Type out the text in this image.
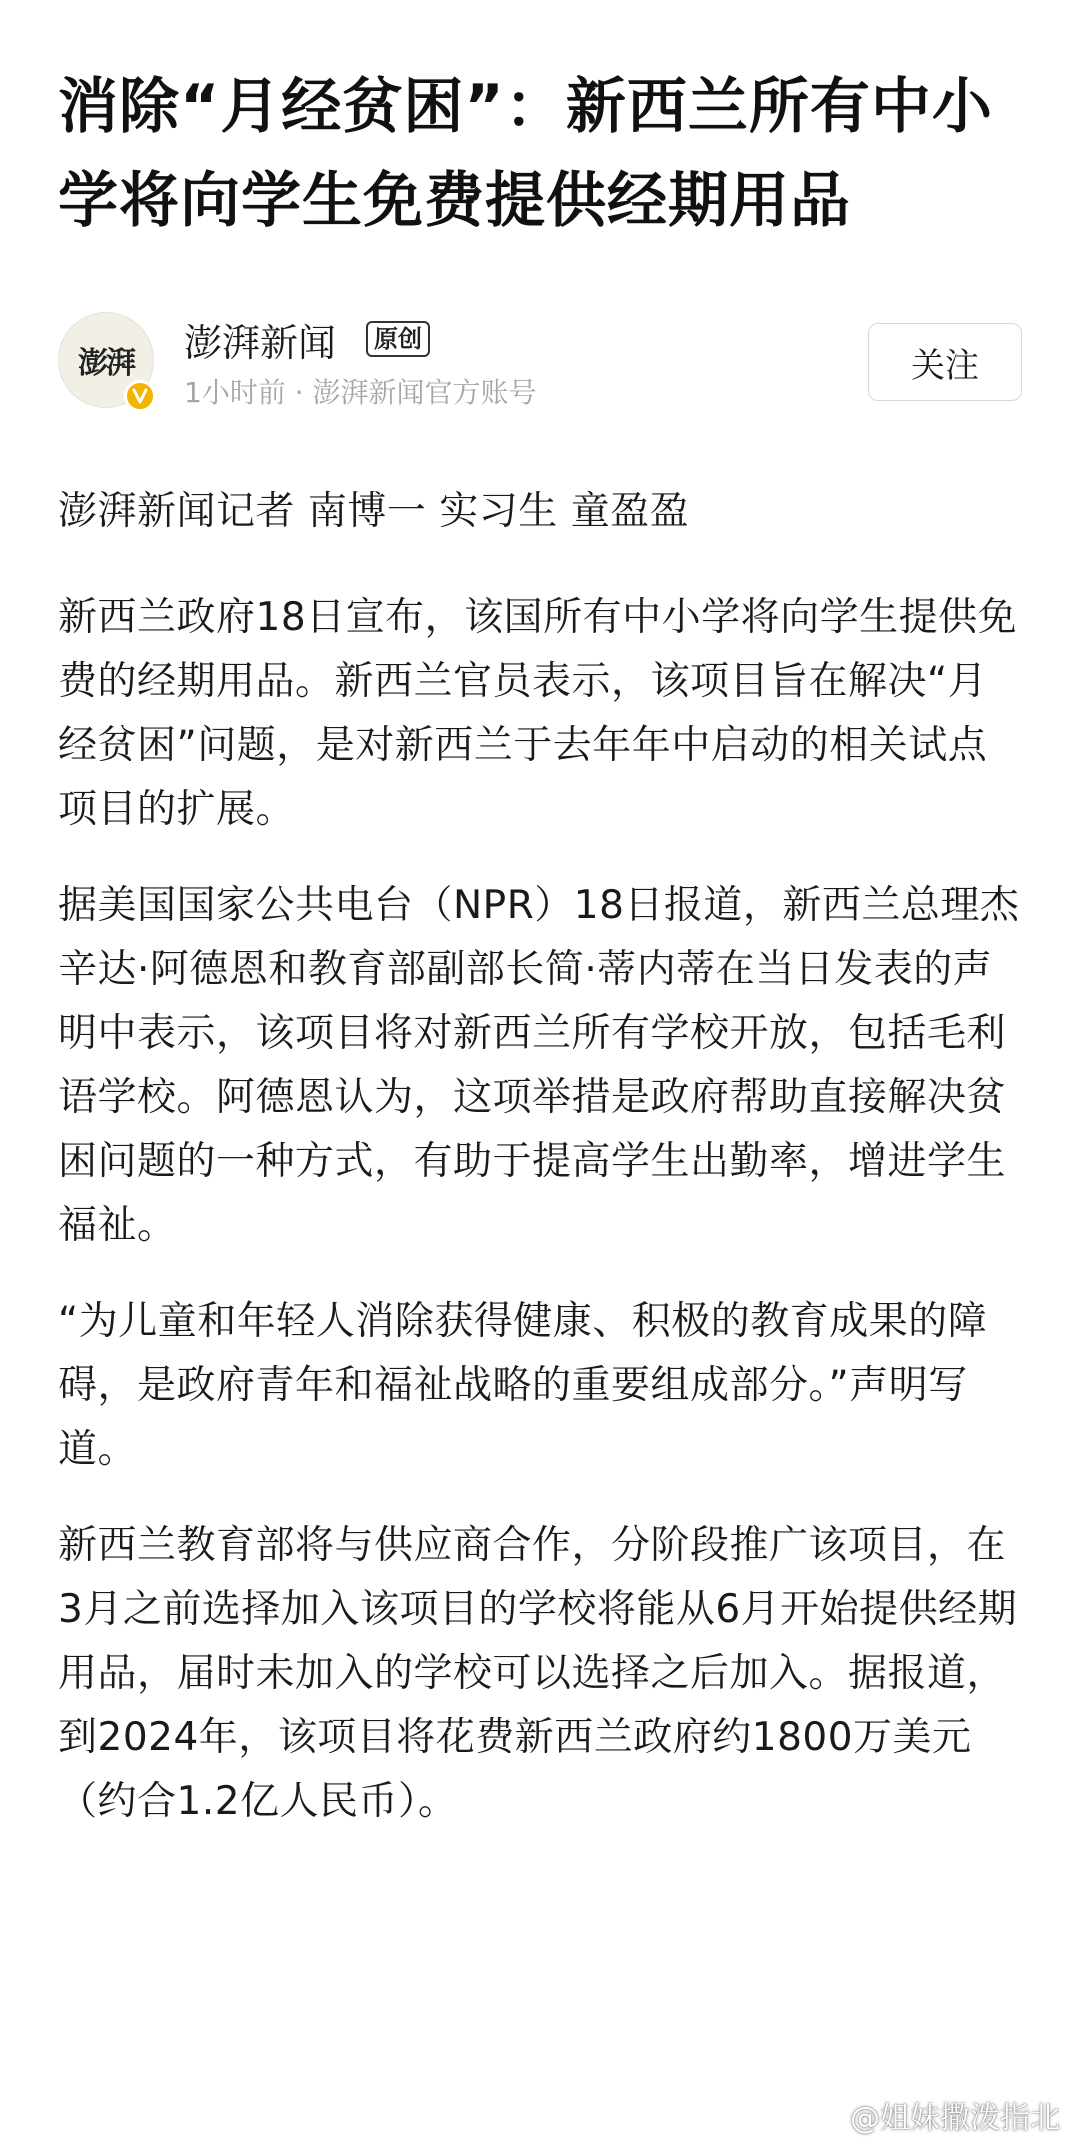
消除“月经贫困”：新西兰所有中小学将向学生免费提供经期用品
澎湃 澎湃新闻	原创
1小时前 · 澎湃新闻官方账号
关注

澎湃新闻记者 南博一 实习生 童盈盈

新西兰政府18日宣布，该国所有中小学将向学生提供免费的经期用品。新西兰官员表示，该项目旨在解决“月经贫困”问题，是对新西兰于去年年中启动的相关试点项目的扩展。

据美国国家公共电台（NPR）18日报道，新西兰总理杰辛达·阿德恩和教育部副部长简·蒂内蒂在当日发表的声明中表示，该项目将对新西兰所有学校开放，包括毛利语学校。阿德恩认为，这项举措是政府帮助直接解决贫困问题的一种方式，有助于提高学生出勤率，增进学生福祉。

“为儿童和年轻人消除获得健康、积极的教育成果的障碍，是政府青年和福祉战略的重要组成部分。”声明写道。

新西兰教育部将与供应商合作，分阶段推广该项目，在3月之前选择加入该项目的学校将能从6月开始提供经期用品，届时未加入的学校可以选择之后加入。据报道，到2024年，该项目将花费新西兰政府约1800万美元（约合1.2亿人民币）。

@姐妹撒泼指北
